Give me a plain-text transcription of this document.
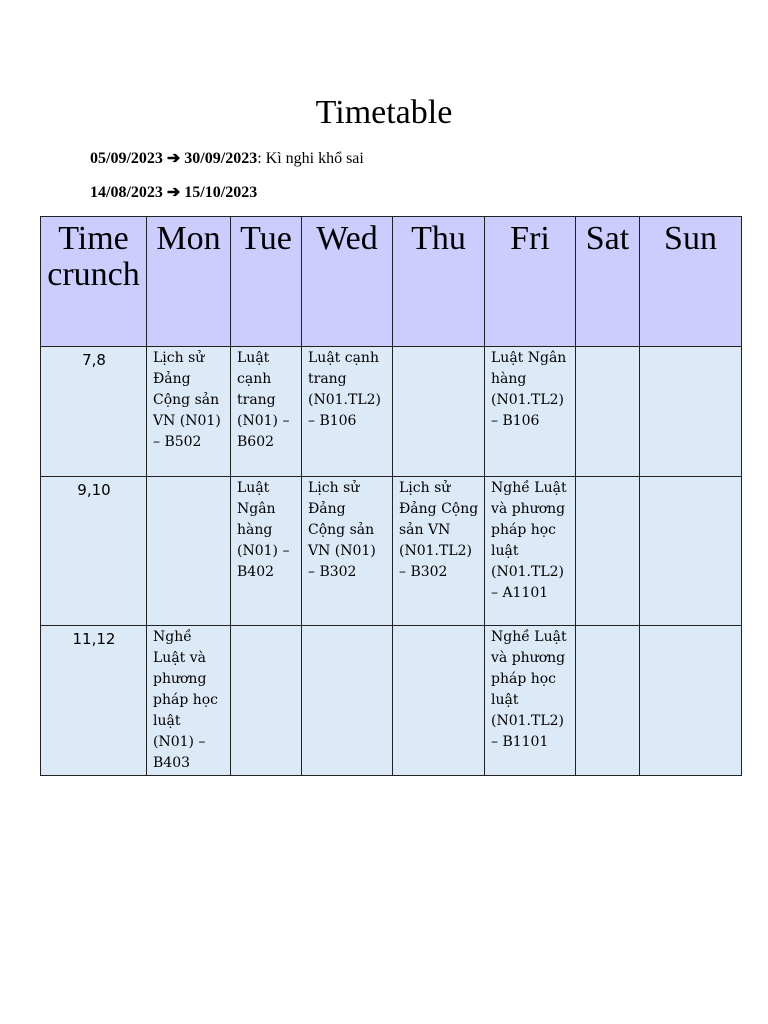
Timetable
05/09/2023 ➔ 30/09/2023: Kì nghi khổ sai
14/08/2023 ➔ 15/10/2023
Time crunch	Mon	Tue	Wed	Thu	Fri	Sat	Sun
7,8	Lịch sử Đảng Cộng sản VN (N01) – B502	Luật cạnh trang (N01) – B602	Luật cạnh trang (N01.TL2) – B106		Luật Ngân hàng (N01.TL2) – B106		
9,10		Luật Ngân hàng (N01) – B402	Lịch sử Đảng Cộng sản VN (N01) – B302	Lịch sử Đảng Cộng sản VN (N01.TL2) – B302	Nghề Luật và phương pháp học luật (N01.TL2) – A1101		
11,12	Nghề Luật và phương pháp học luật (N01) – B403				Nghề Luật và phương pháp học luật (N01.TL2) – B1101		
